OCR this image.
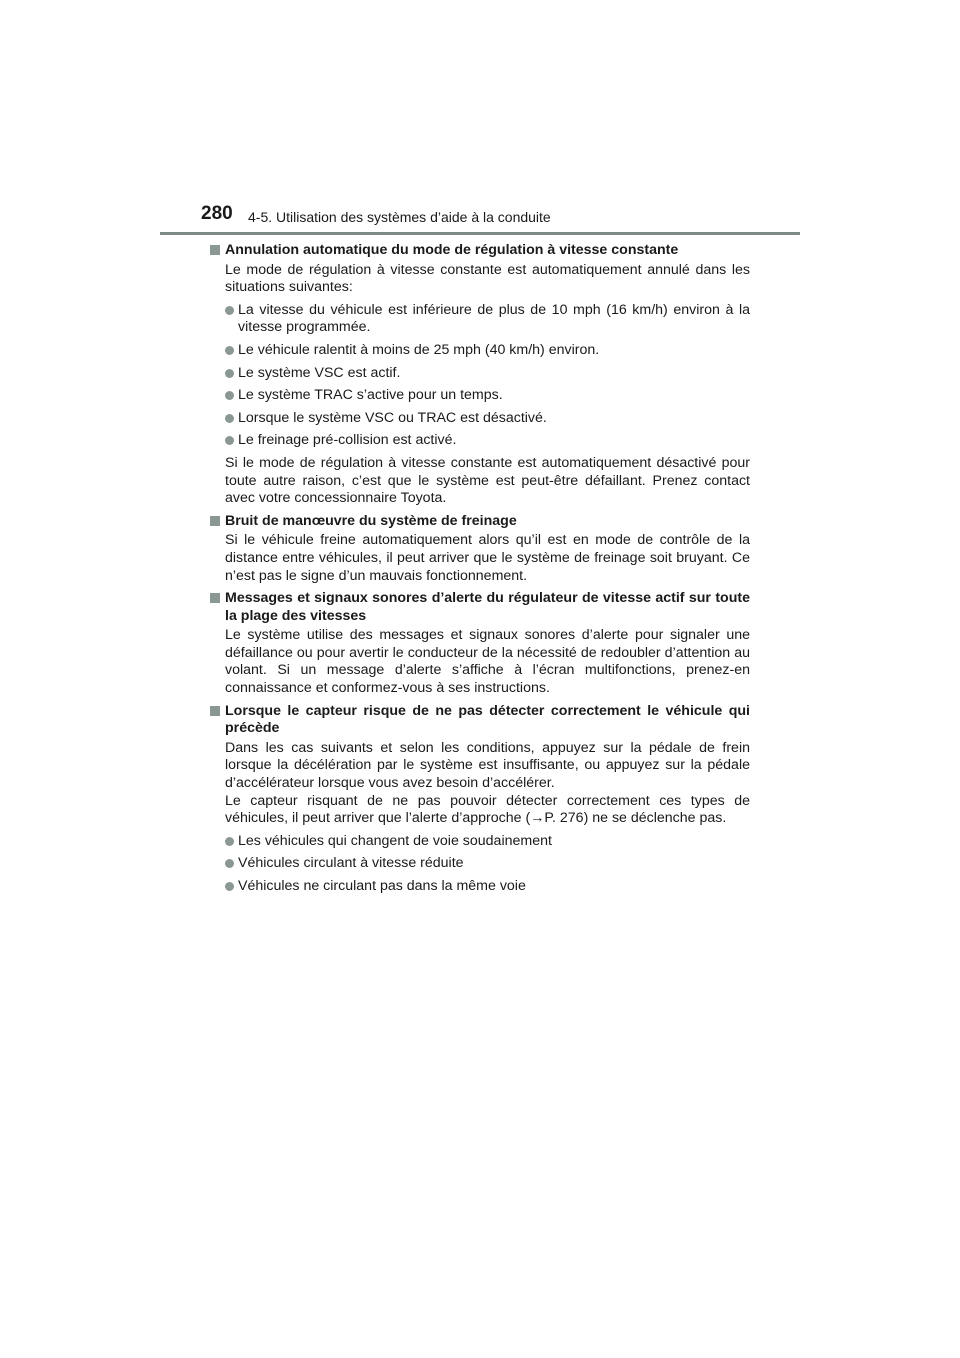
280 4-5. Utilisation des systèmes d’aide à la conduite
Annulation automatique du mode de régulation à vitesse constante
Le mode de régulation à vitesse constante est automatiquement annulé dans les situations suivantes:
La vitesse du véhicule est inférieure de plus de 10 mph (16 km/h) environ à la vitesse programmée.
Le véhicule ralentit à moins de 25 mph (40 km/h) environ.
Le système VSC est actif.
Le système TRAC s’active pour un temps.
Lorsque le système VSC ou TRAC est désactivé.
Le freinage pré-collision est activé.
Si le mode de régulation à vitesse constante est automatiquement désactivé pour toute autre raison, c’est que le système est peut-être défaillant. Prenez contact avec votre concessionnaire Toyota.
Bruit de manœuvre du système de freinage
Si le véhicule freine automatiquement alors qu’il est en mode de contrôle de la distance entre véhicules, il peut arriver que le système de freinage soit bruyant. Ce n’est pas le signe d’un mauvais fonctionnement.
Messages et signaux sonores d’alerte du régulateur de vitesse actif sur toute la plage des vitesses
Le système utilise des messages et signaux sonores d’alerte pour signaler une défaillance ou pour avertir le conducteur de la nécessité de redoubler d’attention au volant. Si un message d’alerte s’affiche à l’écran multifonctions, prenez-en connaissance et conformez-vous à ses instructions.
Lorsque le capteur risque de ne pas détecter correctement le véhicule qui précède
Dans les cas suivants et selon les conditions, appuyez sur la pédale de frein lorsque la décélération par le système est insuffisante, ou appuyez sur la pédale d’accélérateur lorsque vous avez besoin d’accélérer.
Le capteur risquant de ne pas pouvoir détecter correctement ces types de véhicules, il peut arriver que l’alerte d’approche (→P. 276) ne se déclenche pas.
Les véhicules qui changent de voie soudainement
Véhicules circulant à vitesse réduite
Véhicules ne circulant pas dans la même voie
